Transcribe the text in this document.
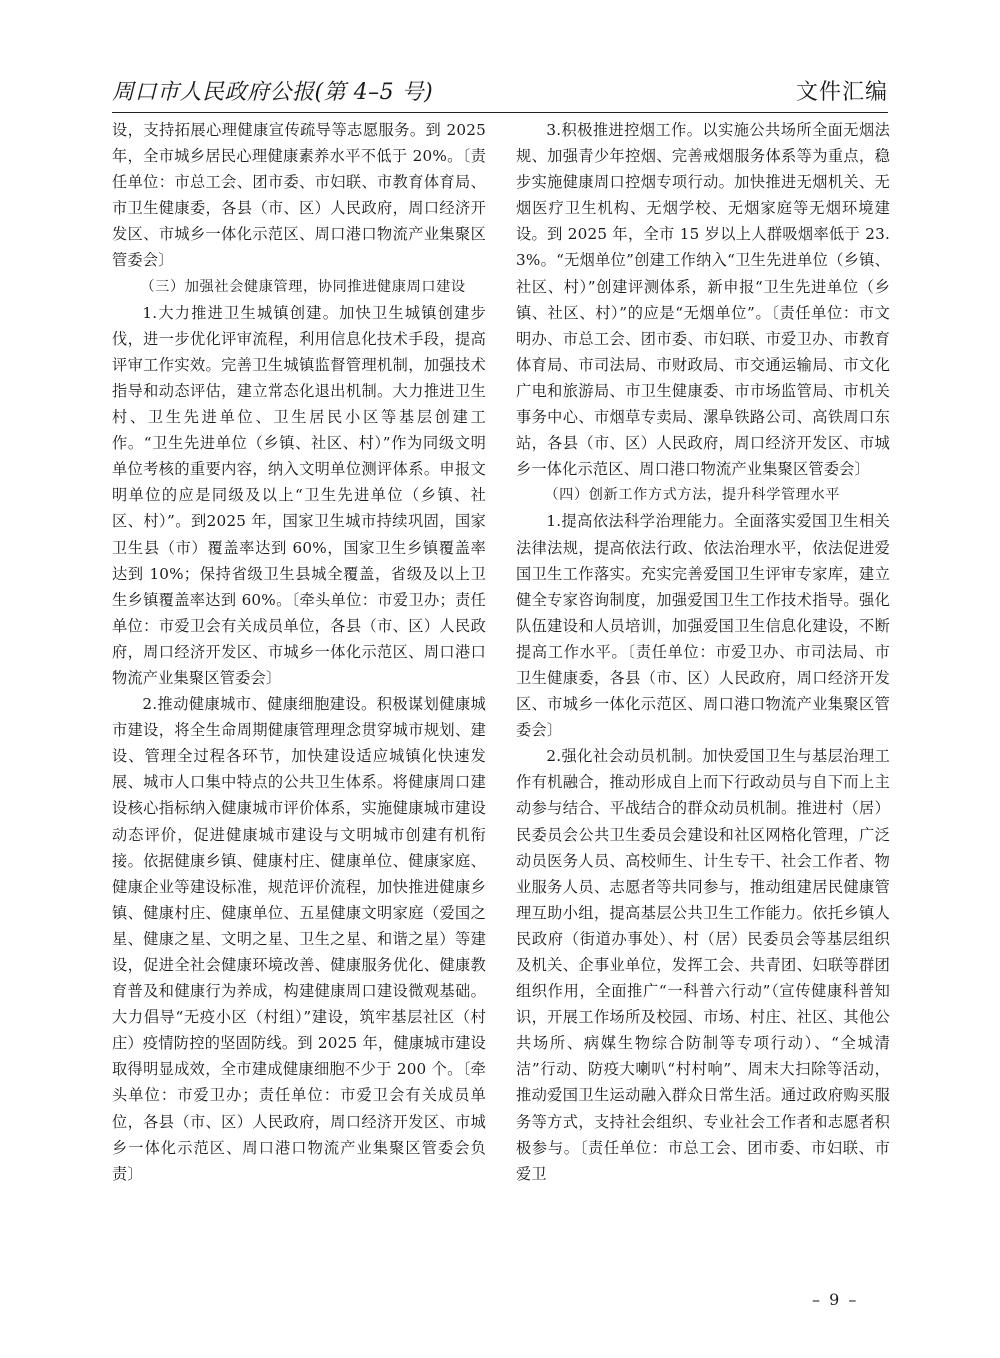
周口市人民政府公报(第 4–5 号)	文件汇编

设，支持拓展心理健康宣传疏导等志愿服务。到 2025 年，全市城乡居民心理健康素养水平不低于 20%。〔责任单位：市总工会、团市委、市妇联、市教育体育局、市卫生健康委，各县（市、区）人民政府，周口经济开发区、市城乡一体化示范区、周口港口物流产业集聚区管委会〕

（三）加强社会健康管理，协同推进健康周口建设

1.大力推进卫生城镇创建。加快卫生城镇创建步伐，进一步优化评审流程，利用信息化技术手段，提高评审工作实效。完善卫生城镇监督管理机制，加强技术指导和动态评估，建立常态化退出机制。大力推进卫生村、卫生先进单位、卫生居民小区等基层创建工作。“卫生先进单位（乡镇、社区、村）”作为同级文明单位考核的重要内容，纳入文明单位测评体系。申报文明单位的应是同级及以上“卫生先进单位（乡镇、社区、村）”。到2025 年，国家卫生城市持续巩固，国家卫生县（市）覆盖率达到 60%，国家卫生乡镇覆盖率达到 10%；保持省级卫生县城全覆盖，省级及以上卫生乡镇覆盖率达到 60%。〔牵头单位：市爱卫办；责任单位：市爱卫会有关成员单位，各县（市、区）人民政府，周口经济开发区、市城乡一体化示范区、周口港口物流产业集聚区管委会〕

2.推动健康城市、健康细胞建设。积极谋划健康城市建设，将全生命周期健康管理理念贯穿城市规划、建设、管理全过程各环节，加快建设适应城镇化快速发展、城市人口集中特点的公共卫生体系。将健康周口建设核心指标纳入健康城市评价体系，实施健康城市建设动态评价，促进健康城市建设与文明城市创建有机衔接。依据健康乡镇、健康村庄、健康单位、健康家庭、健康企业等建设标准，规范评价流程，加快推进健康乡镇、健康村庄、健康单位、五星健康文明家庭（爱国之星、健康之星、文明之星、卫生之星、和谐之星）等建设，促进全社会健康环境改善、健康服务优化、健康教育普及和健康行为养成，构建健康周口建设微观基础。大力倡导“无疫小区（村组）”建设，筑牢基层社区（村庄）疫情防控的坚固防线。到 2025 年，健康城市建设取得明显成效，全市建成健康细胞不少于 200 个。〔牵头单位：市爱卫办；责任单位：市爱卫会有关成员单位，各县（市、区）人民政府，周口经济开发区、市城乡一体化示范区、周口港口物流产业集聚区管委会负责〕

3.积极推进控烟工作。以实施公共场所全面无烟法规、加强青少年控烟、完善戒烟服务体系等为重点，稳步实施健康周口控烟专项行动。加快推进无烟机关、无烟医疗卫生机构、无烟学校、无烟家庭等无烟环境建设。到 2025 年，全市 15 岁以上人群吸烟率低于 23.3%。“无烟单位”创建工作纳入“卫生先进单位（乡镇、社区、村）”创建评测体系，新申报“卫生先进单位（乡镇、社区、村）”的应是“无烟单位”。〔责任单位：市文明办、市总工会、团市委、市妇联、市爱卫办、市教育体育局、市司法局、市财政局、市交通运输局、市文化广电和旅游局、市卫生健康委、市市场监管局、市机关事务中心、市烟草专卖局、漯阜铁路公司、高铁周口东站，各县（市、区）人民政府，周口经济开发区、市城乡一体化示范区、周口港口物流产业集聚区管委会〕

（四）创新工作方式方法，提升科学管理水平

1.提高依法科学治理能力。全面落实爱国卫生相关法律法规，提高依法行政、依法治理水平，依法促进爱国卫生工作落实。充实完善爱国卫生评审专家库，建立健全专家咨询制度，加强爱国卫生工作技术指导。强化队伍建设和人员培训，加强爱国卫生信息化建设，不断提高工作水平。〔责任单位：市爱卫办、市司法局、市卫生健康委，各县（市、区）人民政府，周口经济开发区、市城乡一体化示范区、周口港口物流产业集聚区管委会〕

2.强化社会动员机制。加快爱国卫生与基层治理工作有机融合，推动形成自上而下行政动员与自下而上主动参与结合、平战结合的群众动员机制。推进村（居）民委员会公共卫生委员会建设和社区网格化管理，广泛动员医务人员、高校师生、计生专干、社会工作者、物业服务人员、志愿者等共同参与，推动组建居民健康管理互助小组，提高基层公共卫生工作能力。依托乡镇人民政府（街道办事处）、村（居）民委员会等基层组织及机关、企事业单位，发挥工会、共青团、妇联等群团组织作用，全面推广“一科普六行动”（宣传健康科普知识，开展工作场所及校园、市场、村庄、社区、其他公共场所、病媒生物综合防制等专项行动）、“全城清洁”行动、防疫大喇叭“村村响”、周末大扫除等活动，推动爱国卫生运动融入群众日常生活。通过政府购买服务等方式，支持社会组织、专业社会工作者和志愿者积极参与。〔责任单位：市总工会、团市委、市妇联、市爱卫

– 9 –
